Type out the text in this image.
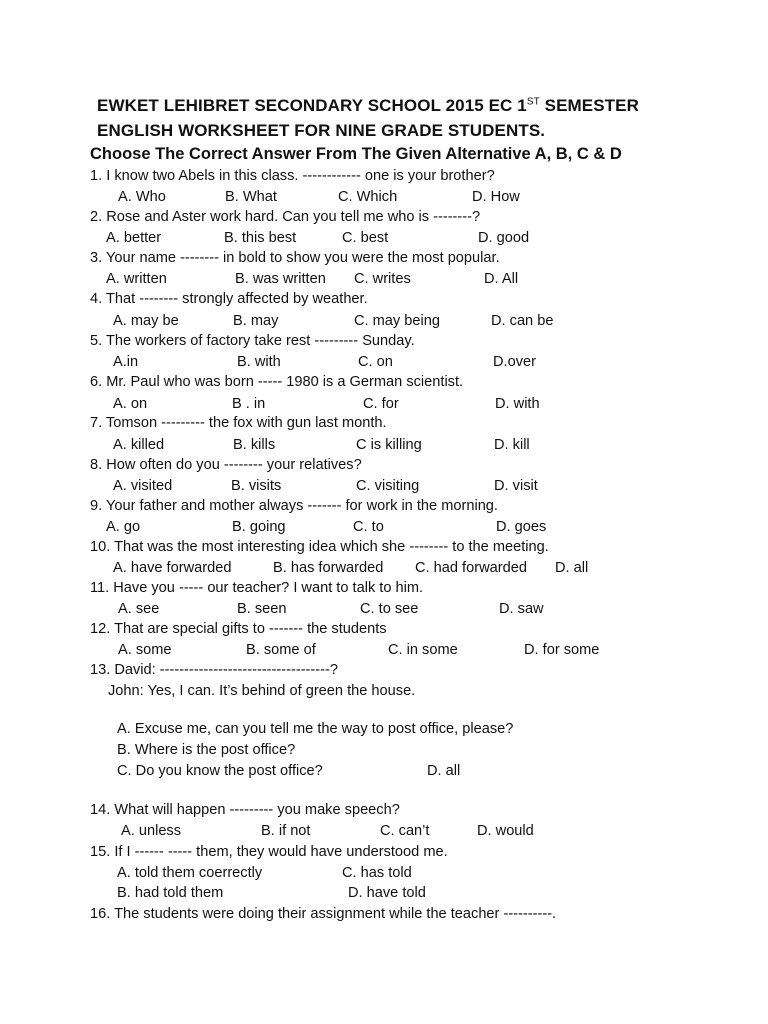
EWKET LEHIBRET SECONDARY SCHOOL 2015 EC 1ST SEMESTER
ENGLISH WORKSHEET FOR NINE GRADE STUDENTS.
Choose The Correct Answer From The Given Alternative A, B, C & D
1. I know two Abels in this class. ------------ one is your brother?
A. Who	B. What	C. Which	D. How
2. Rose and Aster work hard. Can you tell me who is --------?
A. better	B. this best	C. best	D. good
3. Your name -------- in bold to show you were the most popular.
A. written	B. was written C. writes	D. All
4. That -------- strongly affected by weather.
A. may be	B. may	C. may being	D. can be
5. The workers of factory take rest --------- Sunday.
A.in	B. with	C. on	D.over
6. Mr. Paul who was born ----- 1980 is a German scientist.
A. on	B . in	C. for	D. with
7. Tomson --------- the fox with gun last month.
A. killed	B. kills	C is killing	D. kill
8. How often do you -------- your relatives?
A. visited	B. visits	C. visiting	D. visit
9. Your father and mother always ------- for work in the morning.
A. go	B. going	C. to	D. goes
10. That was the most interesting idea which she -------- to the meeting.
A. have forwarded	B. has forwarded C. had forwarded D. all
11. Have you ----- our teacher? I want to talk to him.
A. see	B. seen	C. to see	D. saw
12. That are special gifts to ------- the students
A. some	B. some of	C. in some	D. for some
13. David: -----------------------------------?
John: Yes, I can. It’s behind of green the house.
A. Excuse me, can you tell me the way to post office, please?
B. Where is the post office?
C. Do you know the post office?	D. all
14. What will happen --------- you make speech?
A. unless	B. if not	C. can’t	D. would
15. If I ------ ----- them, they would have understood me.
A. told them coerrectly	C. has told
B. had told them	D. have told
16. The students were doing their assignment while the teacher ----------.
